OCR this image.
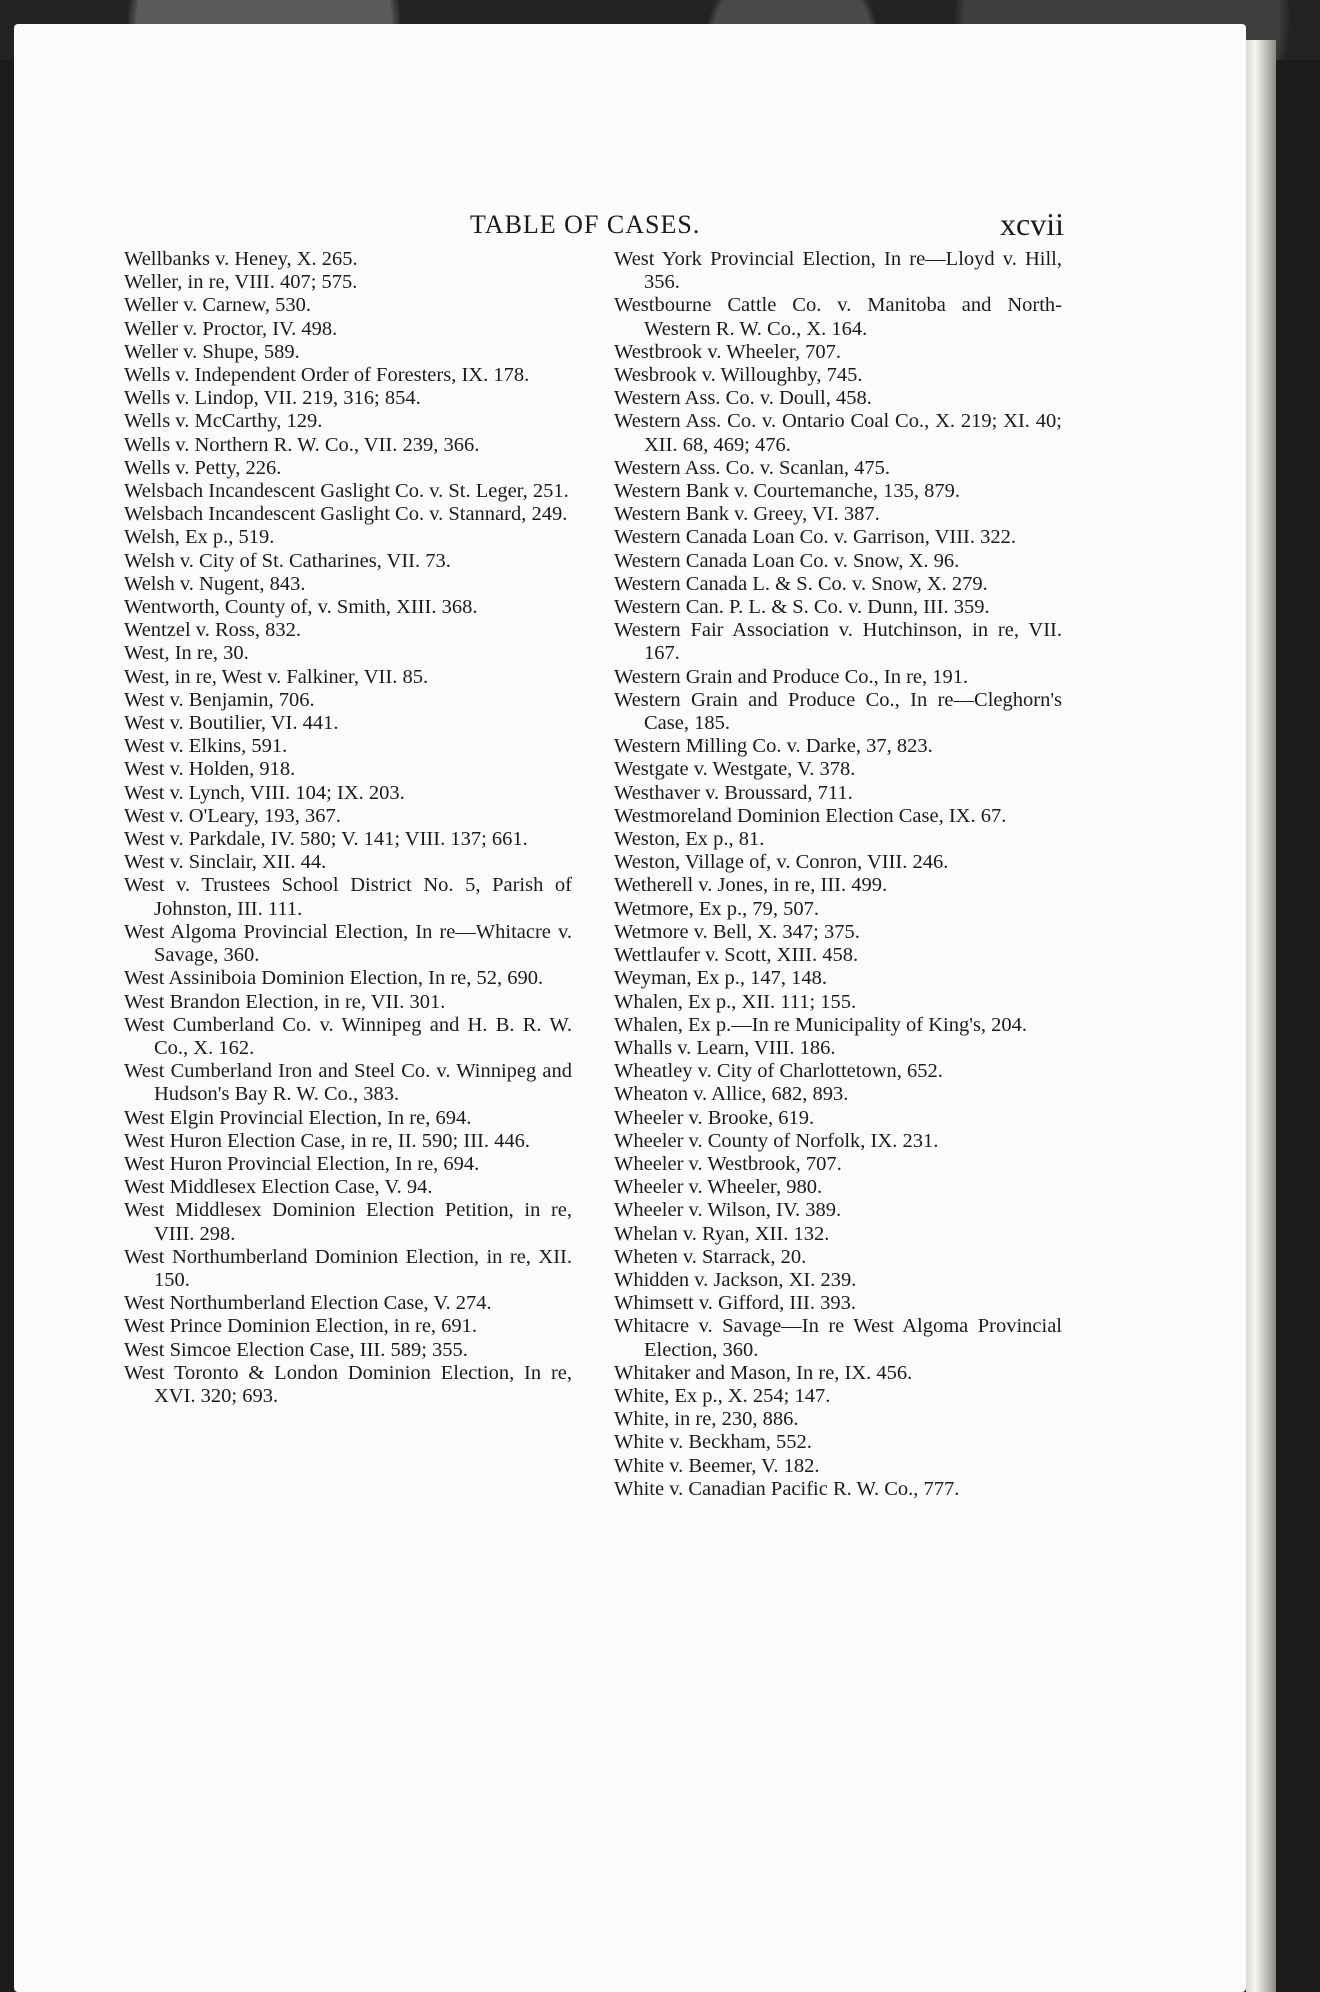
TABLE OF CASES.	xcvii

Wellbanks v. Heney, X. 265.

Weller, in re, VIII. 407; 575.

Weller v. Carnew, 530.

Weller v. Proctor, IV. 498.

Weller v. Shupe, 589.

Wells v. Independent Order of Foresters, IX. 178.

Wells v. Lindop, VII. 219, 316; 854.

Wells v. McCarthy, 129.

Wells v. Northern R. W. Co., VII. 239, 366.

Wells v. Petty, 226.

Welsbach Incandescent Gaslight Co. v. St. Leger, 251.

Welsbach Incandescent Gaslight Co. v. Stannard, 249.

Welsh, Ex p., 519.

Welsh v. City of St. Catharines, VII. 73.

Welsh v. Nugent, 843.

Wentworth, County of, v. Smith, XIII. 368.

Wentzel v. Ross, 832.

West, In re, 30.

West, in re, West v. Falkiner, VII. 85.

West v. Benjamin, 706.

West v. Boutilier, VI. 441.

West v. Elkins, 591.

West v. Holden, 918.

West v. Lynch, VIII. 104; IX. 203.

West v. O'Leary, 193, 367.

West v. Parkdale, IV. 580; V. 141; VIII. 137; 661.

West v. Sinclair, XII. 44.

West v. Trustees School District No. 5, Parish of Johnston, III. 111.

West Algoma Provincial Election, In re—Whitacre v. Savage, 360.

West Assiniboia Dominion Election, In re, 52, 690.

West Brandon Election, in re, VII. 301.

West Cumberland Co. v. Winnipeg and H. B. R. W. Co., X. 162.

West Cumberland Iron and Steel Co. v. Winnipeg and Hudson's Bay R. W. Co., 383.

West Elgin Provincial Election, In re, 694.

West Huron Election Case, in re, II. 590; III. 446.

West Huron Provincial Election, In re, 694.

West Middlesex Election Case, V. 94.

West Middlesex Dominion Election Petition, in re, VIII. 298.

West Northumberland Dominion Election, in re, XII. 150.

West Northumberland Election Case, V. 274.

West Prince Dominion Election, in re, 691.

West Simcoe Election Case, III. 589; 355.

West Toronto & London Dominion Election, In re, XVI. 320; 693.

West York Provincial Election, In re—Lloyd v. Hill, 356.

Westbourne Cattle Co. v. Manitoba and North-Western R. W. Co., X. 164.

Westbrook v. Wheeler, 707.

Wesbrook v. Willoughby, 745.

Western Ass. Co. v. Doull, 458.

Western Ass. Co. v. Ontario Coal Co., X. 219; XI. 40; XII. 68, 469; 476.

Western Ass. Co. v. Scanlan, 475.

Western Bank v. Courtemanche, 135, 879.

Western Bank v. Greey, VI. 387.

Western Canada Loan Co. v. Garrison, VIII. 322.

Western Canada Loan Co. v. Snow, X. 96.

Western Canada L. & S. Co. v. Snow, X. 279.

Western Can. P. L. & S. Co. v. Dunn, III. 359.

Western Fair Association v. Hutchinson, in re, VII. 167.

Western Grain and Produce Co., In re, 191.

Western Grain and Produce Co., In re—Cleghorn's Case, 185.

Western Milling Co. v. Darke, 37, 823.

Westgate v. Westgate, V. 378.

Westhaver v. Broussard, 711.

Westmoreland Dominion Election Case, IX. 67.

Weston, Ex p., 81.

Weston, Village of, v. Conron, VIII. 246.

Wetherell v. Jones, in re, III. 499.

Wetmore, Ex p., 79, 507.

Wetmore v. Bell, X. 347; 375.

Wettlaufer v. Scott, XIII. 458.

Weyman, Ex p., 147, 148.

Whalen, Ex p., XII. 111; 155.

Whalen, Ex p.—In re Municipality of King's, 204.

Whalls v. Learn, VIII. 186.

Wheatley v. City of Charlottetown, 652.

Wheaton v. Allice, 682, 893.

Wheeler v. Brooke, 619.

Wheeler v. County of Norfolk, IX. 231.

Wheeler v. Westbrook, 707.

Wheeler v. Wheeler, 980.

Wheeler v. Wilson, IV. 389.

Whelan v. Ryan, XII. 132.

Wheten v. Starrack, 20.

Whidden v. Jackson, XI. 239.

Whimsett v. Gifford, III. 393.

Whitacre v. Savage—In re West Algoma Provincial Election, 360.

Whitaker and Mason, In re, IX. 456.

White, Ex p., X. 254; 147.

White, in re, 230, 886.

White v. Beckham, 552.

White v. Beemer, V. 182.

White v. Canadian Pacific R. W. Co., 777.
